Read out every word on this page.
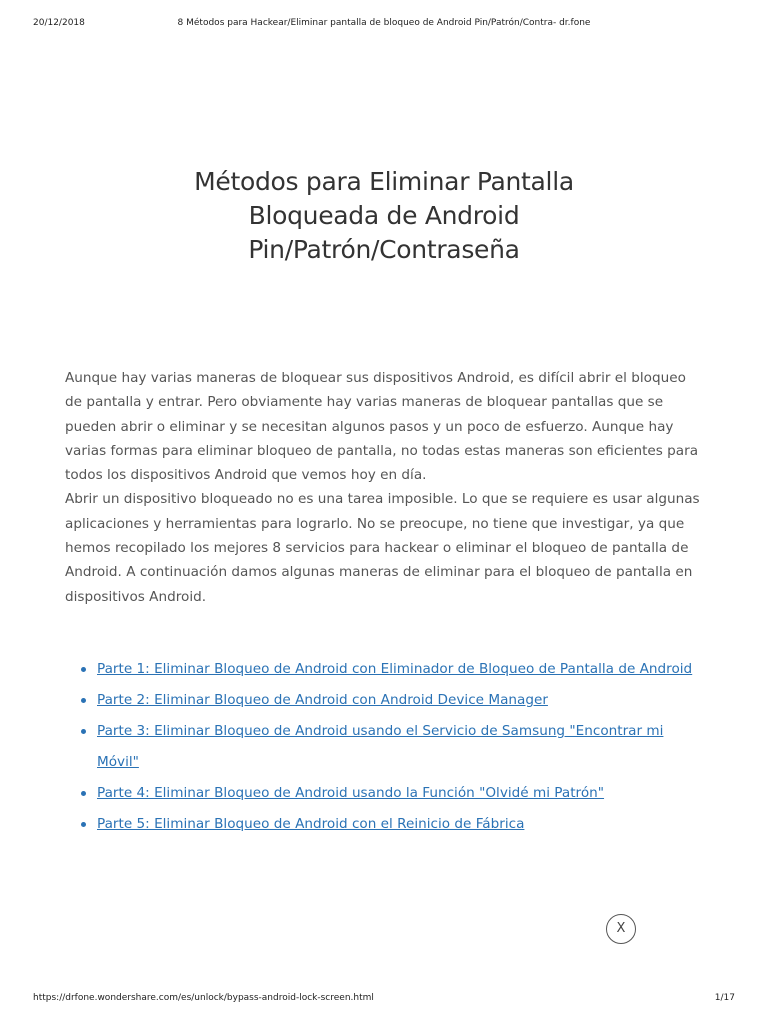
20/12/2018	8 Métodos para Hackear/Eliminar pantalla de bloqueo de Android Pin/Patrón/Contra- dr.fone
Métodos para Eliminar Pantalla
Bloqueada de Android
Pin/Patrón/Contraseña

Aunque hay varias maneras de bloquear sus dispositivos Android, es difícil abrir el bloqueo de pantalla y entrar. Pero obviamente hay varias maneras de bloquear pantallas que se pueden abrir o eliminar y se necesitan algunos pasos y un poco de esfuerzo. Aunque hay varias formas para eliminar bloqueo de pantalla, no todas estas maneras son eficientes para todos los dispositivos Android que vemos hoy en día.

Abrir un dispositivo bloqueado no es una tarea imposible. Lo que se requiere es usar algunas aplicaciones y herramientas para lograrlo. No se preocupe, no tiene que investigar, ya que hemos recopilado los mejores 8 servicios para hackear o eliminar el bloqueo de pantalla de Android. A continuación damos algunas maneras de eliminar para el bloqueo de pantalla en dispositivos Android.

Parte 1: Eliminar Bloqueo de Android con Eliminador de Bloqueo de Pantalla de Android
Parte 2: Eliminar Bloqueo de Android con Android Device Manager
Parte 3: Eliminar Bloqueo de Android usando el Servicio de Samsung "Encontrar mi Móvil"
Parte 4: Eliminar Bloqueo de Android usando la Función "Olvidé mi Patrón"
Parte 5: Eliminar Bloqueo de Android con el Reinicio de Fábrica
X
https://drfone.wondershare.com/es/unlock/bypass-android-lock-screen.html	1/17
